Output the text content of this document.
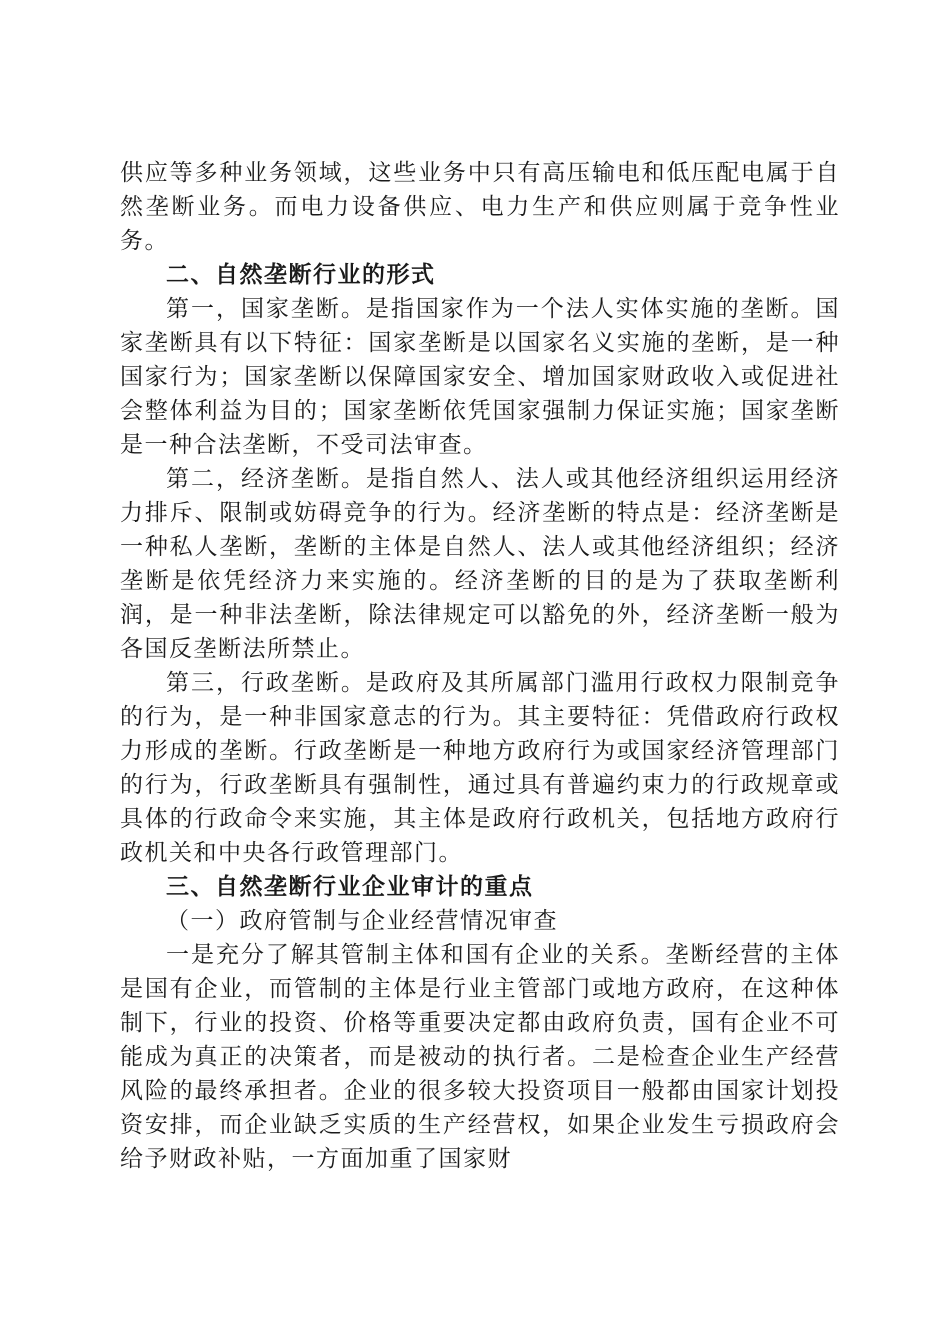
供应等多种业务领域，这些业务中只有高压输电和低压配电属于自然垄断业务。而电力设备供应、电力生产和供应则属于竞争性业务。

二、自然垄断行业的形式

第一，国家垄断。是指国家作为一个法人实体实施的垄断。国家垄断具有以下特征：国家垄断是以国家名义实施的垄断，是一种国家行为；国家垄断以保障国家安全、增加国家财政收入或促进社会整体利益为目的；国家垄断依凭国家强制力保证实施；国家垄断是一种合法垄断，不受司法审查。

第二，经济垄断。是指自然人、法人或其他经济组织运用经济力排斥、限制或妨碍竞争的行为。经济垄断的特点是：经济垄断是一种私人垄断，垄断的主体是自然人、法人或其他经济组织；经济垄断是依凭经济力来实施的。经济垄断的目的是为了获取垄断利润，是一种非法垄断，除法律规定可以豁免的外，经济垄断一般为各国反垄断法所禁止。

第三，行政垄断。是政府及其所属部门滥用行政权力限制竞争的行为，是一种非国家意志的行为。其主要特征：凭借政府行政权力形成的垄断。行政垄断是一种地方政府行为或国家经济管理部门的行为，行政垄断具有强制性，通过具有普遍约束力的行政规章或具体的行政命令来实施，其主体是政府行政机关，包括地方政府行政机关和中央各行政管理部门。

三、自然垄断行业企业审计的重点

（一）政府管制与企业经营情况审查

一是充分了解其管制主体和国有企业的关系。垄断经营的主体是国有企业，而管制的主体是行业主管部门或地方政府，在这种体制下，行业的投资、价格等重要决定都由政府负责，国有企业不可能成为真正的决策者，而是被动的执行者。二是检查企业生产经营风险的最终承担者。企业的很多较大投资项目一般都由国家计划投资安排，而企业缺乏实质的生产经营权，如果企业发生亏损政府会给予财政补贴，一方面加重了国家财
